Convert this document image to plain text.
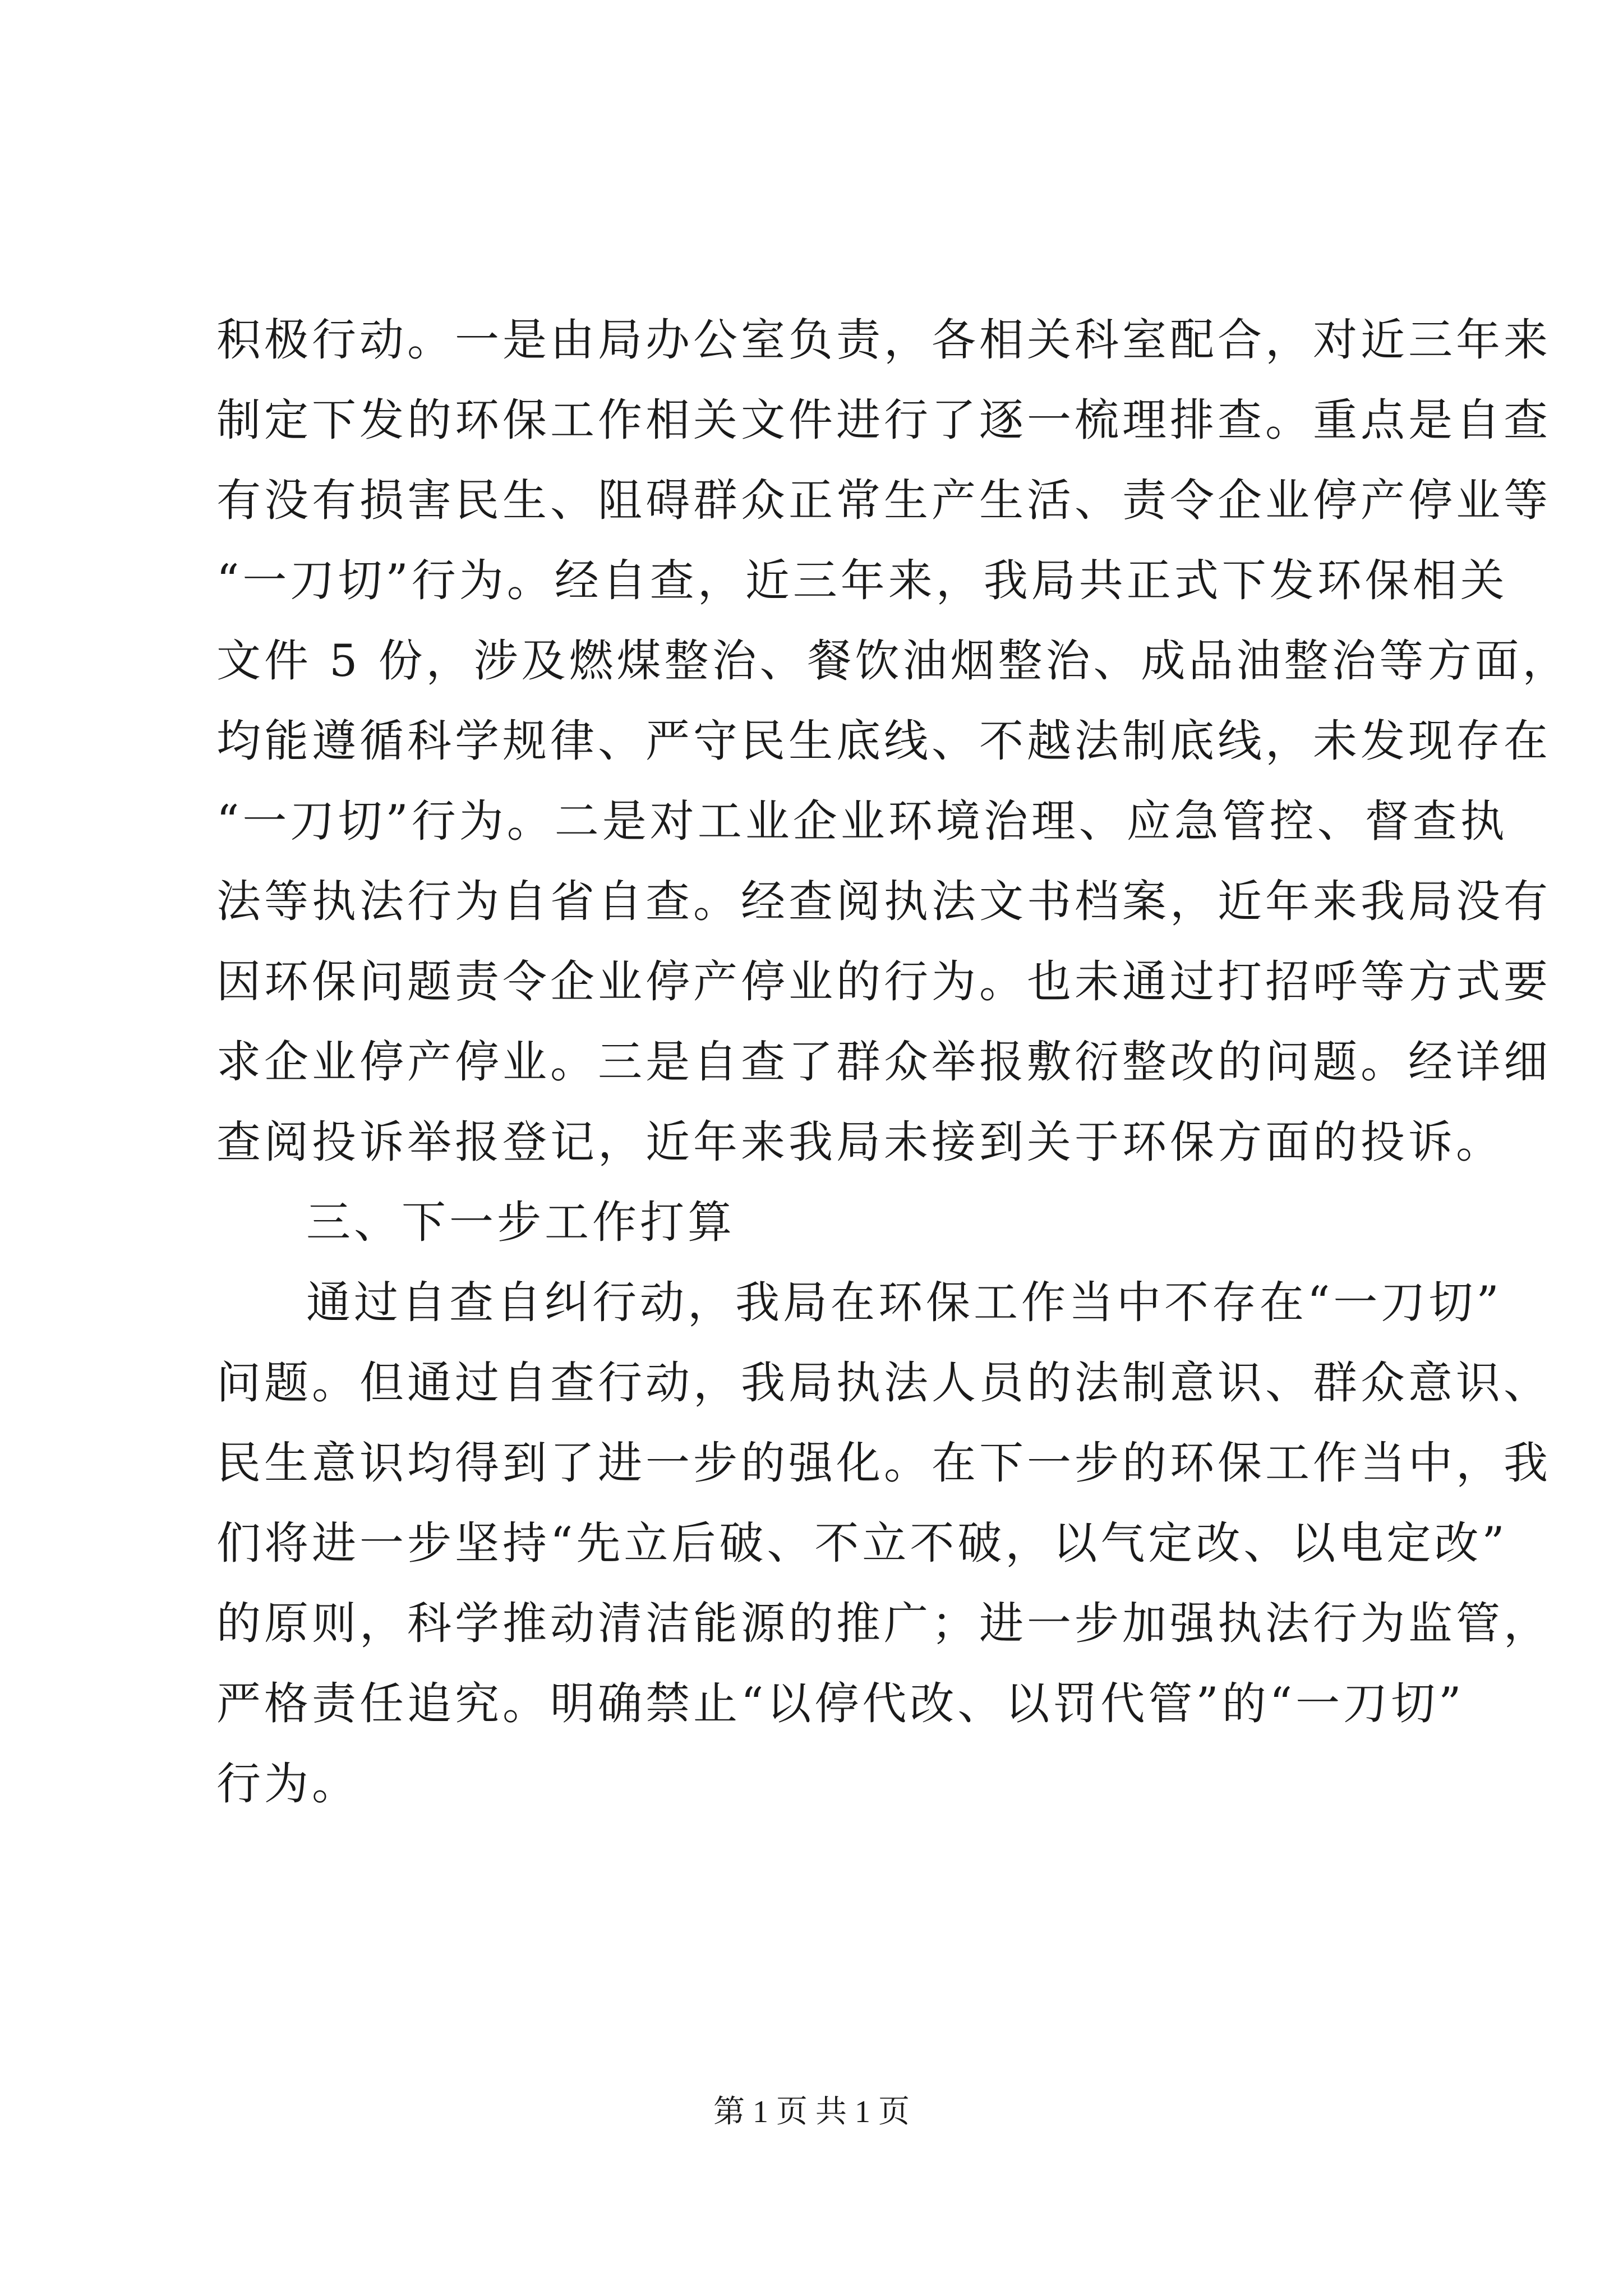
积极行动。一是由局办公室负责，各相关科室配合，对近三年来
制定下发的环保工作相关文件进行了逐一梳理排查。重点是自查
有没有损害民生、阻碍群众正常生产生活、责令企业停产停业等
“一刀切”行为。经自查，近三年来，我局共正式下发环保相关
文件 5 份，涉及燃煤整治、餐饮油烟整治、成品油整治等方面，
均能遵循科学规律、严守民生底线、不越法制底线，未发现存在
“一刀切”行为。二是对工业企业环境治理、应急管控、督查执
法等执法行为自省自查。经查阅执法文书档案，近年来我局没有
因环保问题责令企业停产停业的行为。也未通过打招呼等方式要
求企业停产停业。三是自查了群众举报敷衍整改的问题。经详细
查阅投诉举报登记，近年来我局未接到关于环保方面的投诉。
三、下一步工作打算
通过自查自纠行动，我局在环保工作当中不存在“一刀切”
问题。但通过自查行动，我局执法人员的法制意识、群众意识、
民生意识均得到了进一步的强化。在下一步的环保工作当中，我
们将进一步坚持“先立后破、不立不破，以气定改、以电定改”
的原则，科学推动清洁能源的推广；进一步加强执法行为监管，
严格责任追究。明确禁止“以停代改、以罚代管”的“一刀切”
行为。
第 1 页 共 1 页
